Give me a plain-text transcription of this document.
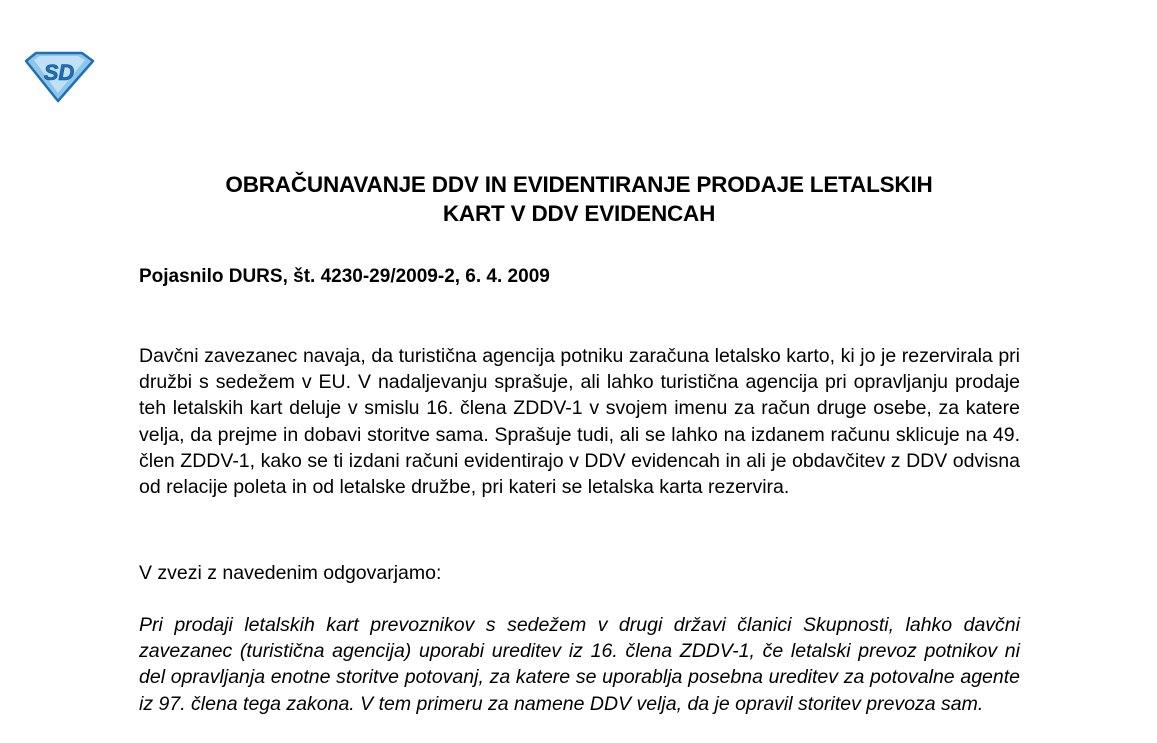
SD
OBRAČUNAVANJE DDV IN EVIDENTIRANJE PRODAJE LETALSKIH
KART V DDV EVIDENCAH
Pojasnilo DURS, št. 4230-29/2009-2, 6. 4. 2009

Davčni zavezanec navaja, da turistična agencija potniku zaračuna letalsko karto, ki jo je rezervirala pri družbi s sedežem v EU. V nadaljevanju sprašuje, ali lahko turistična agencija pri opravljanju prodaje teh letalskih kart deluje v smislu 16. člena ZDDV-1 v svojem imenu za račun druge osebe, za katere velja, da prejme in dobavi storitve sama. Sprašuje tudi, ali se lahko na izdanem računu sklicuje na 49. člen ZDDV-1, kako se ti izdani računi evidentirajo v DDV evidencah in ali je obdavčitev z DDV odvisna od relacije poleta in od letalske družbe, pri kateri se letalska karta rezervira.

V zvezi z navedenim odgovarjamo:

Pri prodaji letalskih kart prevoznikov s sedežem v drugi državi članici Skupnosti, lahko davčni zavezanec (turistična agencija) uporabi ureditev iz 16. člena ZDDV-1, če letalski prevoz potnikov ni del opravljanja enotne storitve potovanj, za katere se uporablja posebna ureditev za potovalne agente iz 97. člena tega zakona. V tem primeru za namene DDV velja, da je opravil storitev prevoza sam.
